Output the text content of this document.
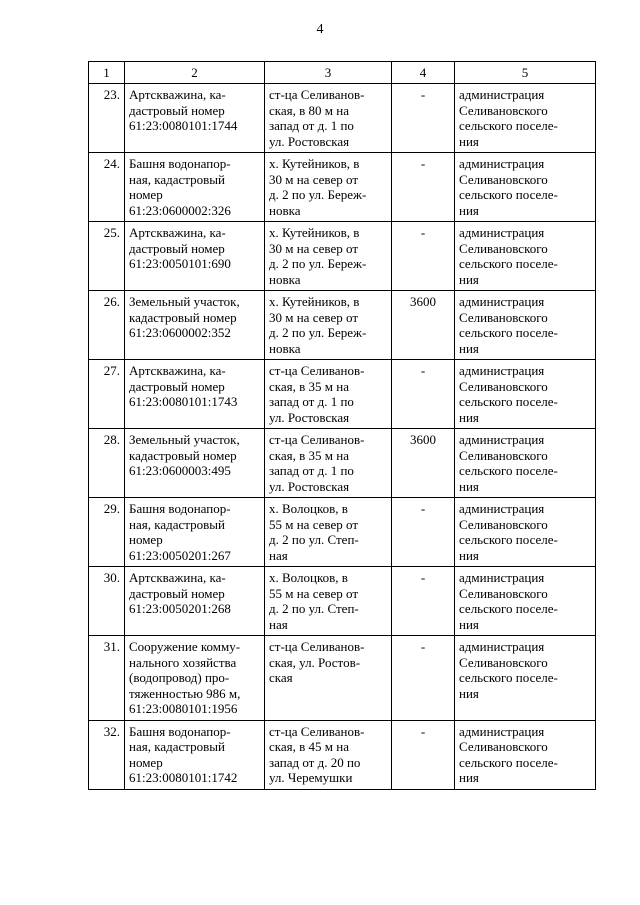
4
1	2	3	4	5
23.	Артскважина, ка-
дастровый номер
61:23:0080101:1744	ст-ца Селиванов-
ская, в 80 м на
запад от д. 1 по
ул. Ростовская	-	администрация
Селивановского
сельского поселе-
ния
24.	Башня водонапор-
ная, кадастровый
номер
61:23:0600002:326	х. Кутейников, в
30 м на север от
д. 2 по ул. Береж-
новка	-	администрация
Селивановского
сельского поселе-
ния
25.	Артскважина, ка-
дастровый номер
61:23:0050101:690	х. Кутейников, в
30 м на север от
д. 2 по ул. Береж-
новка	-	администрация
Селивановского
сельского поселе-
ния
26.	Земельный участок,
кадастровый номер
61:23:0600002:352	х. Кутейников, в
30 м на север от
д. 2 по ул. Береж-
новка	3600	администрация
Селивановского
сельского поселе-
ния
27.	Артскважина, ка-
дастровый номер
61:23:0080101:1743	ст-ца Селиванов-
ская, в 35 м на
запад от д. 1 по
ул. Ростовская	-	администрация
Селивановского
сельского поселе-
ния
28.	Земельный участок,
кадастровый номер
61:23:0600003:495	ст-ца Селиванов-
ская, в 35 м на
запад от д. 1 по
ул. Ростовская	3600	администрация
Селивановского
сельского поселе-
ния
29.	Башня водонапор-
ная, кадастровый
номер
61:23:0050201:267	х. Волоцков, в
55 м на север от
д. 2 по ул. Степ-
ная	-	администрация
Селивановского
сельского поселе-
ния
30.	Артскважина, ка-
дастровый номер
61:23:0050201:268	х. Волоцков, в
55 м на север от
д. 2 по ул. Степ-
ная	-	администрация
Селивановского
сельского поселе-
ния
31.	Сооружение комму-
нального хозяйства
(водопровод) про-
тяженностью 986 м,
61:23:0080101:1956	ст-ца Селиванов-
ская, ул. Ростов-
ская	-	администрация
Селивановского
сельского поселе-
ния
32.	Башня водонапор-
ная, кадастровый
номер
61:23:0080101:1742	ст-ца Селиванов-
ская, в 45 м на
запад от д. 20 по
ул. Черемушки	-	администрация
Селивановского
сельского поселе-
ния
